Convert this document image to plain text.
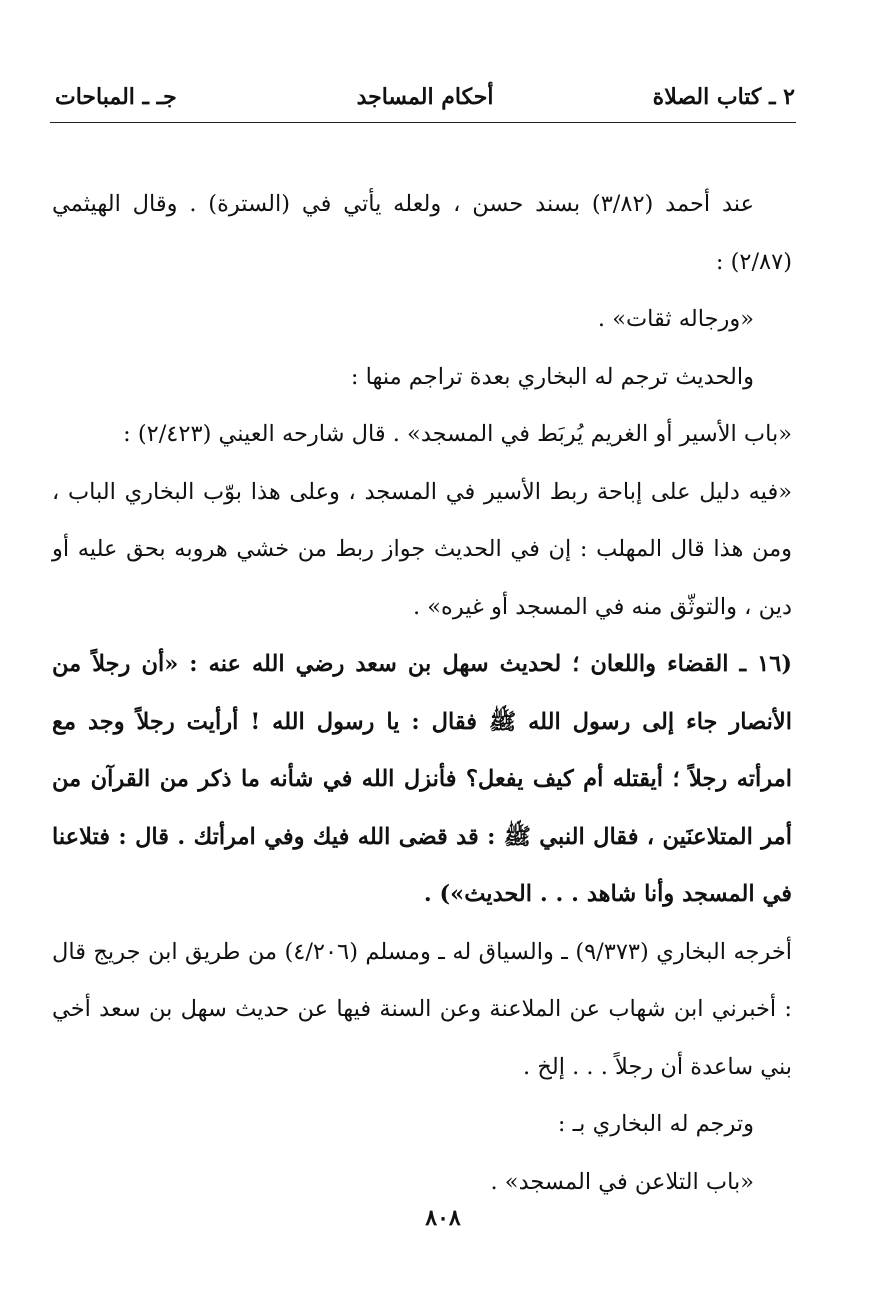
٢ ـ كتاب الصلاة
أحكام المساجد
جـ ـ المباحات

عند أحمد (٣/٨٢) بسند حسن ، ولعله يأتي في (السترة) . وقال الهيثمي (٢/٨٧) :

«ورجاله ثقات» .

والحديث ترجم له البخاري بعدة تراجم منها :

«باب الأسير أو الغريم يُربَط في المسجد» . قال شارحه العيني (٢/٤٢٣) :

«فيه دليل على إباحة ربط الأسير في المسجد ، وعلى هذا بوّب البخاري الباب ، ومن هذا قال المهلب : إن في الحديث جواز ربط من خشي هروبه بحق عليه أو دين ، والتوثّق منه في المسجد أو غيره» .

(١٦ ـ القضاء واللعان ؛ لحديث سهل بن سعد رضي الله عنه : «أن رجلاً من الأنصار جاء إلى رسول الله ﷺ فقال : يا رسول الله ! أرأيت رجلاً وجد مع امرأته رجلاً ؛ أيقتله أم كيف يفعل؟ فأنزل الله في شأنه ما ذكر من القرآن من أمر المتلاعنَين ، فقال النبي ﷺ : قد قضى الله فيك وفي امرأتك . قال : فتلاعنا في المسجد وأنا شاهد . . . الحديث») .

أخرجه البخاري (٩/٣٧٣) ـ والسياق له ـ ومسلم (٤/٢٠٦) من طريق ابن جريج قال : أخبرني ابن شهاب عن الملاعنة وعن السنة فيها عن حديث سهل بن سعد أخي بني ساعدة أن رجلاً . . . إلخ .

وترجم له البخاري بـ :

«باب التلاعن في المسجد» .

٨٠٨
